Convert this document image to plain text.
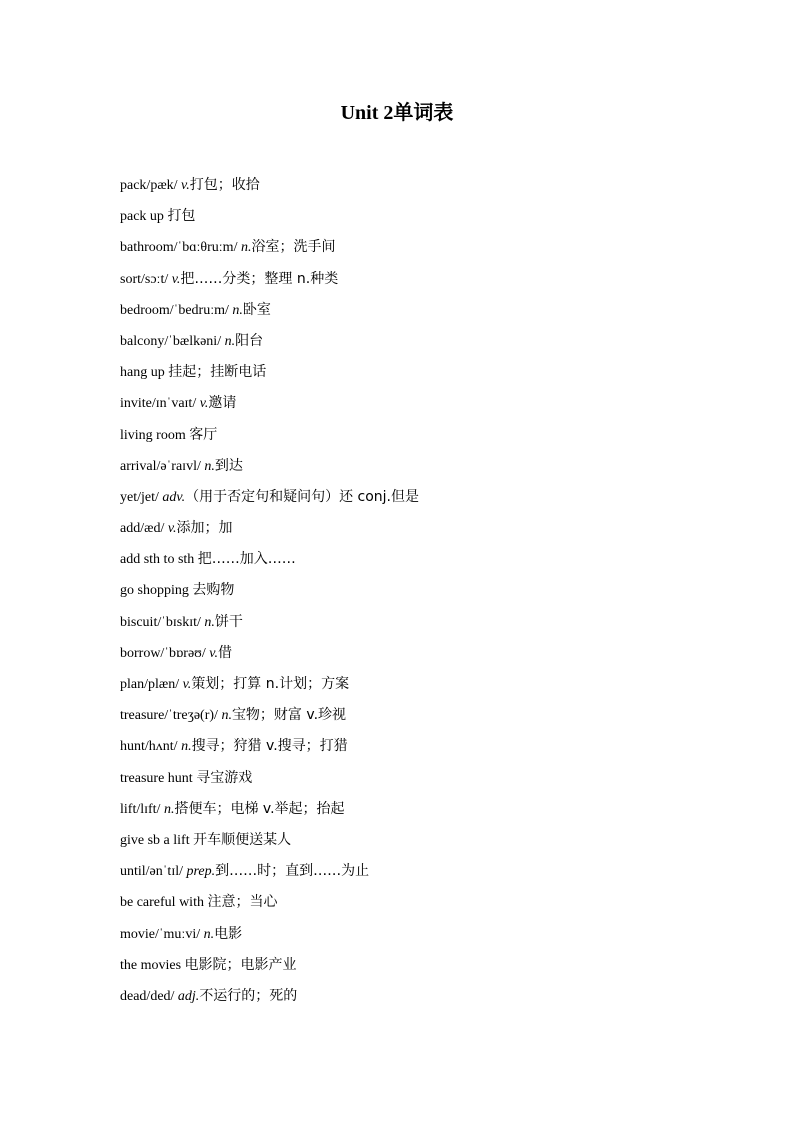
Unit 2单词表
pack/pæk/ v.打包；收拾
pack up 打包
bathroom/ˈbɑːθruːm/ n.浴室；洗手间
sort/sɔːt/ v.把……分类；整理 n.种类
bedroom/ˈbedruːm/ n.卧室
balcony/ˈbælkəni/ n.阳台
hang up 挂起；挂断电话
invite/ɪnˈvaɪt/ v.邀请
living room 客厅
arrival/əˈraɪvl/ n.到达
yet/jet/ adv.（用于否定句和疑问句）还 conj.但是
add/æd/ v.添加；加
add sth to sth 把……加入……
go shopping 去购物
biscuit/ˈbɪskɪt/ n.饼干
borrow/ˈbɒrəʊ/ v.借
plan/plæn/ v.策划；打算 n.计划；方案
treasure/ˈtreʒə(r)/ n.宝物；财富 v.珍视
hunt/hʌnt/ n.搜寻；狩猎 v.搜寻；打猎
treasure hunt 寻宝游戏
lift/lɪft/ n.搭便车；电梯 v.举起；抬起
give sb a lift 开车顺便送某人
until/ənˈtɪl/ prep.到……时；直到……为止
be careful with 注意；当心
movie/ˈmuːvi/ n.电影
the movies 电影院；电影产业
dead/ded/ adj.不运行的；死的
